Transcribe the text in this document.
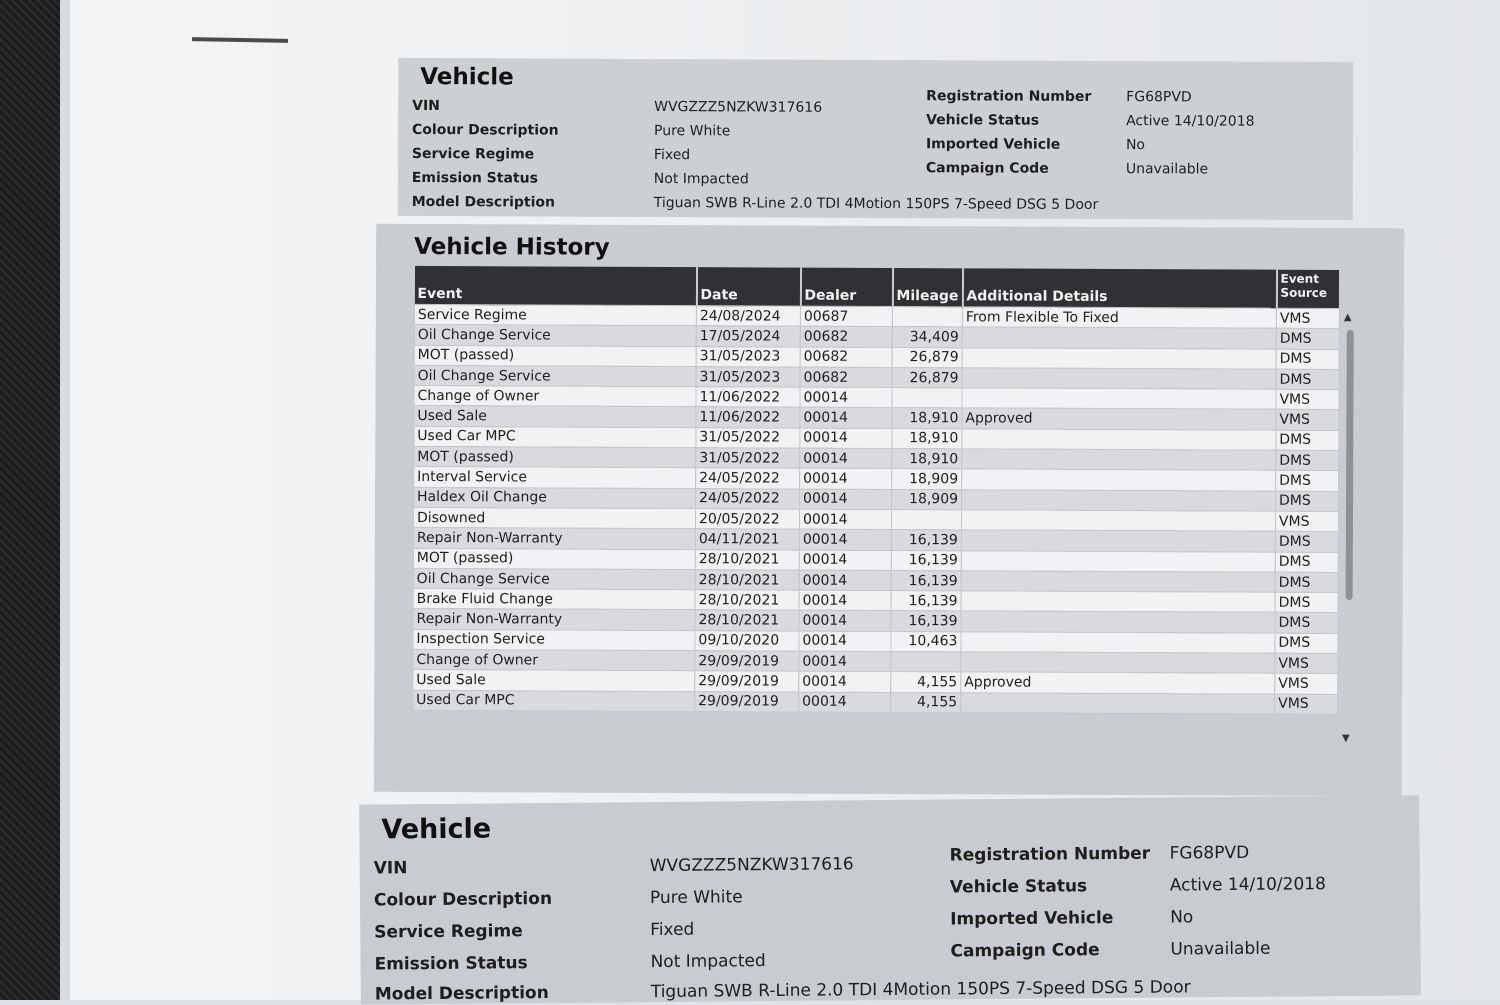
Vehicle
VIN	WVGZZZ5NZKW317616
Colour Description	Pure White
Service Regime	Fixed
Emission Status	Not Impacted
Model Description	Tiguan SWB R-Line 2.0 TDI 4Motion 150PS 7-Speed DSG 5 Door
Registration Number FG68PVD
Vehicle Status	Active 14/10/2018
Imported Vehicle	No
Campaign Code	Unavailable
Vehicle History
Event	Date	Dealer	Mileage	Additional Details	Event Source
Service Regime	24/08/2024	00687		From Flexible To Fixed	VMS
Oil Change Service	17/05/2024	00682	34,409		DMS
MOT (passed)	31/05/2023	00682	26,879		DMS
Oil Change Service	31/05/2023	00682	26,879		DMS
Change of Owner	11/06/2022	00014			VMS
Used Sale	11/06/2022	00014	18,910	Approved	VMS
Used Car MPC	31/05/2022	00014	18,910		DMS
MOT (passed)	31/05/2022	00014	18,910		DMS
Interval Service	24/05/2022	00014	18,909		DMS
Haldex Oil Change	24/05/2022	00014	18,909		DMS
Disowned	20/05/2022	00014			VMS
Repair Non-Warranty	04/11/2021	00014	16,139		DMS
MOT (passed)	28/10/2021	00014	16,139		DMS
Oil Change Service	28/10/2021	00014	16,139		DMS
Brake Fluid Change	28/10/2021	00014	16,139		DMS
Repair Non-Warranty	28/10/2021	00014	16,139		DMS
Inspection Service	09/10/2020	00014	10,463		DMS
Change of Owner	29/09/2019	00014			VMS
Used Sale	29/09/2019	00014	4,155	Approved	VMS
Used Car MPC	29/09/2019	00014	4,155		VMS
▲
▼
Vehicle
VIN	WVGZZZ5NZKW317616
Colour Description	Pure White
Service Regime	Fixed
Emission Status	Not Impacted
Model Description	Tiguan SWB R-Line 2.0 TDI 4Motion 150PS 7-Speed DSG 5 Door
Registration Number FG68PVD
Vehicle Status	Active 14/10/2018
Imported Vehicle	No
Campaign Code	Unavailable
